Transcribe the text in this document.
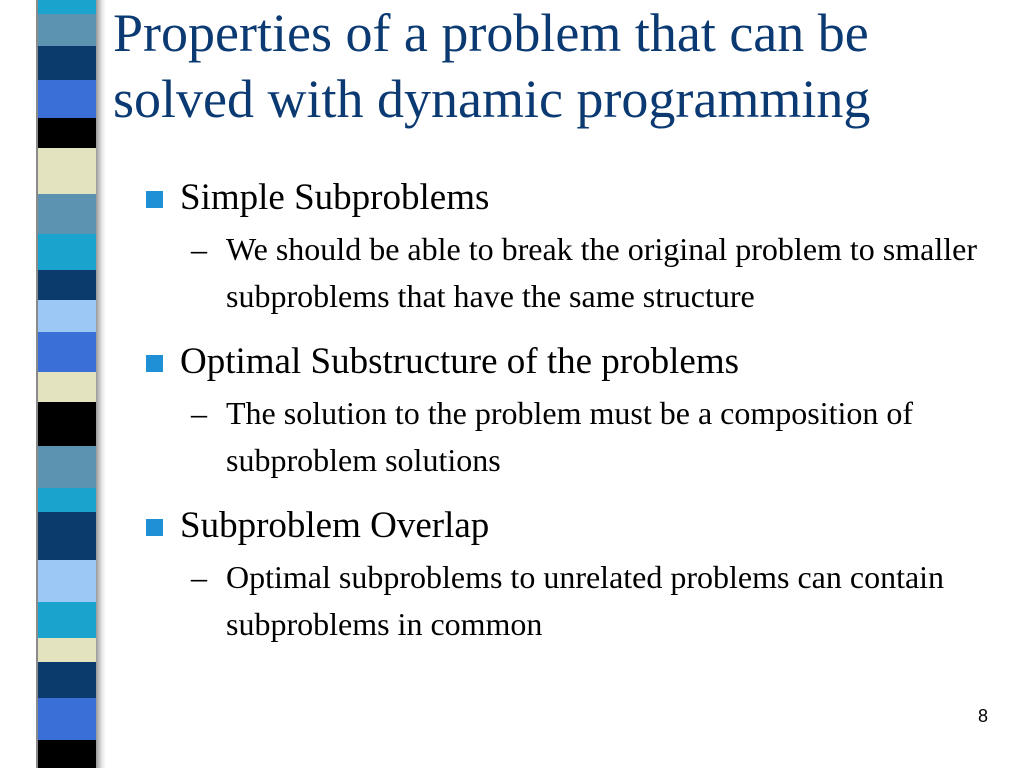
Properties of a problem that can be solved with dynamic programming
Simple Subproblems
– We should be able to break the original problem to smaller subproblems that have the same structure
Optimal Substructure of the problems
– The solution to the problem must be a composition of subproblem solutions
Subproblem Overlap
– Optimal subproblems to unrelated problems can contain subproblems in common
8
